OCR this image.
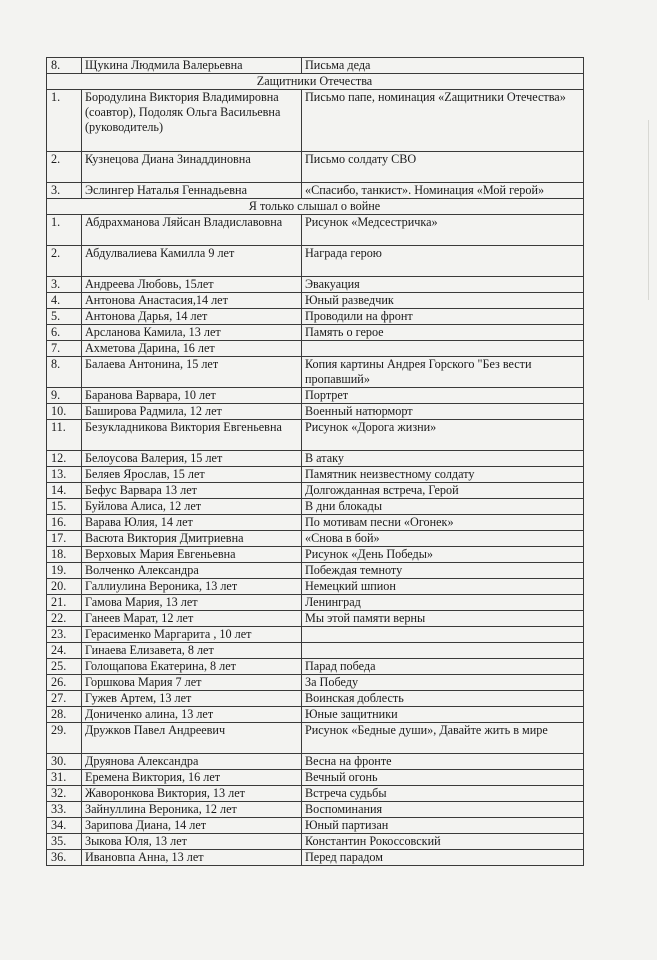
8.	Щукина Людмила Валерьевна	Письма деда
Zащитники Отечества		
1.	Бородулина Виктория Владимировна (соавтор), Подоляк Ольга Васильевна (руководитель)	Письмо папе, номинация «Zащитники Отечества»
2.	Кузнецова Диана Зинаддиновна	Письмо солдату СВО
3.	Эслингер Наталья Геннадьевна	«Спасибо, танкист». Номинация «Мой герой»
Я только слышал о войне		
1.	Абдрахманова Ляйсан Владиславовна	Рисунок «Медсестричка»
2.	Абдулвалиева Камилла 9 лет	Награда герою
3.	Андреева Любовь, 15лет	Эвакуация
4.	Антонова Анастасия,14 лет	Юный разведчик
5.	Антонова Дарья, 14 лет	Проводили на фронт
6.	Арсланова Камила, 13 лет	Память о герое
7.	Ахметова Дарина, 16 лет	
8.	Балаева Антонина, 15 лет	Копия картины Андрея Горского "Без вести пропавший»
9.	Баранова Варвара, 10 лет	Портрет
10.	Баширова Радмила, 12 лет	Военный натюрморт
11.	Безукладникова Виктория Евгеньевна	Рисунок «Дорога жизни»
12.	Белоусова Валерия, 15 лет	В атаку
13.	Беляев Ярослав, 15 лет	Памятник неизвестному солдату
14.	Бефус Варвара 13 лет	Долгожданная встреча, Герой
15.	Буйлова Алиса, 12 лет	В дни блокады
16.	Варава Юлия, 14 лет	По мотивам песни «Огонек»
17.	Васюта Виктория Дмитриевна	«Снова в бой»
18.	Верховых Мария Евгеньевна	Рисунок «День Победы»
19.	Волченко Александра	Побеждая темноту
20.	Галлиулина Вероника, 13 лет	Немецкий шпион
21.	Гамова Мария, 13 лет	Ленинград
22.	Ганеев Марат, 12 лет	Мы этой памяти верны
23.	Герасименко Маргарита , 10 лет	
24.	Гинаева Елизавета, 8 лет	
25.	Голощапова Екатерина, 8 лет	Парад победа
26.	Горшкова Мария 7 лет	За Победу
27.	Гужев Артем, 13 лет	Воинская доблесть
28.	Дониченко алина, 13 лет	Юные защитники
29.	Дружков Павел Андреевич	Рисунок «Бедные души», Давайте жить в мире
30.	Друянова Александра	Весна на фронте
31.	Еремена Виктория, 16 лет	Вечный огонь
32.	Жаворонкова Виктория, 13 лет	Встреча судьбы
33.	Зайнуллина Вероника, 12 лет	Воспоминания
34.	Зарипова Диана, 14 лет	Юный партизан
35.	Зыкова Юля, 13 лет	Константин Рокоссовский
36.	Ивановпа Анна, 13 лет	Перед парадом
